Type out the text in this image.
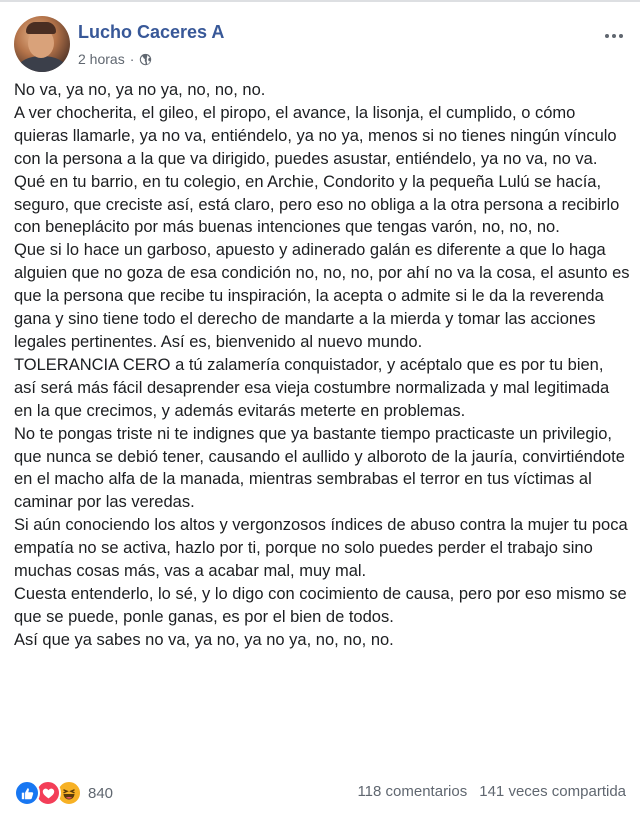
Lucho Caceres A
2 horas ·

No va, ya no, ya no ya, no, no, no.

A ver chocherita, el gileo, el piropo, el avance, la lisonja, el cumplido, o cómo quieras llamarle, ya no va, entiéndelo, ya no ya, menos si no tienes ningún vínculo con la persona a la que va dirigido, puedes asustar, entiéndelo, ya no va, no va.

Qué en tu barrio, en tu colegio, en Archie, Condorito y la pequeña Lulú se hacía, seguro, que creciste así, está claro, pero eso no obliga a la otra persona a recibirlo con beneplácito por más buenas intenciones que tengas varón, no, no, no.

Que si lo hace un garboso, apuesto y adinerado galán es diferente a que lo haga alguien que no goza de esa condición no, no, no, por ahí no va la cosa, el asunto es que la persona que recibe tu inspiración, la acepta o admite si le da la reverenda gana y sino tiene todo el derecho de mandarte a la mierda y tomar las acciones legales pertinentes. Así es, bienvenido al nuevo mundo.

TOLERANCIA CERO a tú zalamería conquistador, y acéptalo que es por tu bien, así será más fácil desaprender esa vieja costumbre normalizada y mal legitimada en la que crecimos, y además evitarás meterte en problemas.

No te pongas triste ni te indignes que ya bastante tiempo practicaste un privilegio, que nunca se debió tener, causando el aullido y alboroto de la jauría, convirtiéndote en el macho alfa de la manada, mientras sembrabas el terror en tus víctimas al caminar por las veredas.

Si aún conociendo los altos y vergonzosos índices de abuso contra la mujer tu poca empatía no se activa, hazlo por ti, porque no solo puedes perder el trabajo sino muchas cosas más, vas a acabar mal, muy mal.

Cuesta entenderlo, lo sé, y lo digo con cocimiento de causa, pero por eso mismo se que se puede, ponle ganas, es por el bien de todos.

Así que ya sabes no va, ya no, ya no ya, no, no, no.

840	118 comentarios 141 veces compartida
